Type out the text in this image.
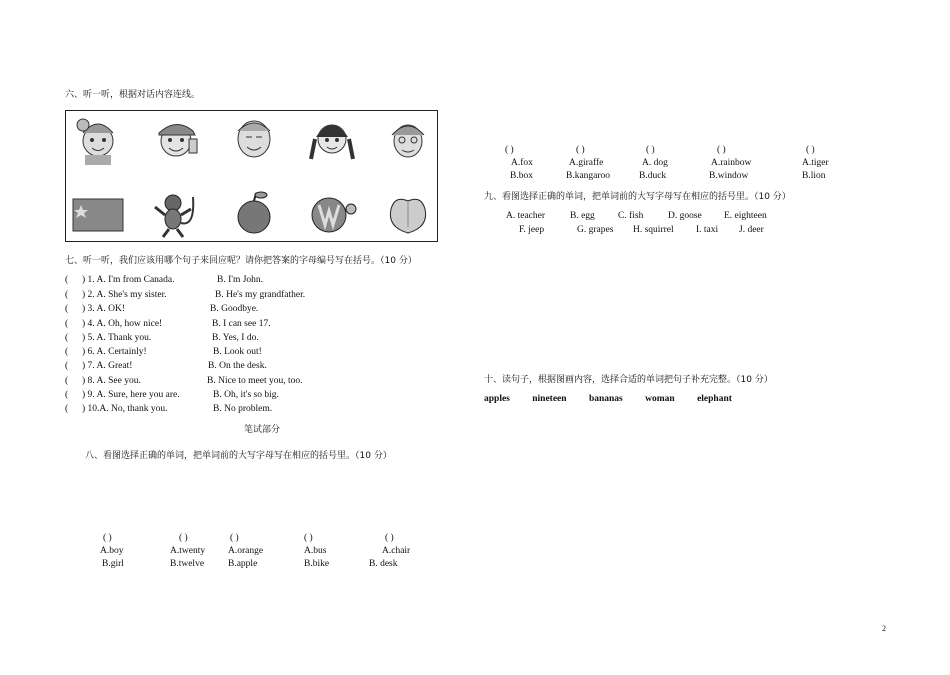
六、听一听，根据对话内容连线。
七、听一听，我们应该用哪个句子来回应呢？请你把答案的字母编号写在括号。（10 分）
( ) 1. A. I'm from Canada.	B. I'm John.
( ) 2. A. She's my sister.	B. He's my grandfather.
( ) 3. A. OK!	B. Goodbye.
( ) 4. A. Oh, how nice!	B. I can see 17.
( ) 5. A. Thank you.	B. Yes, I do.
( ) 6. A. Certainly!	B. Look out!
( ) 7. A. Great!	B. On the desk.
( ) 8. A. See you.	B. Nice to meet you, too.
( ) 9. A. Sure, here you are.	B. Oh, it's so big.
( ) 10.A. No, thank you.	B. No problem.
笔试部分
八、看图选择正确的单词，把单词前的大写字母写在相应的括号里。（10 分）
( )
A.boy
B.girl
( )
A.twenty
B.twelve
( )
A.orange
B.apple
( )
A.bus
B.bike
( )
A.chair
B. desk
( )
A.fox
B.box
( )
A.giraffe
B.kangaroo
( )
A. dog
B.duck
( )
A.rainbow
B.window
( )
A.tiger
B.lion
九、看图选择正确的单词，把单词前的大写字母写在相应的括号里。（10 分）
A. teacher	B. egg C. fish	D. goose E. eighteen
F. jeep	G. grapes H. squirrel I. taxi J. deer
十、读句子，根据图画内容，选择合适的单词把句子补充完整。（10 分）
apples nineteen bananas woman elephant
2
